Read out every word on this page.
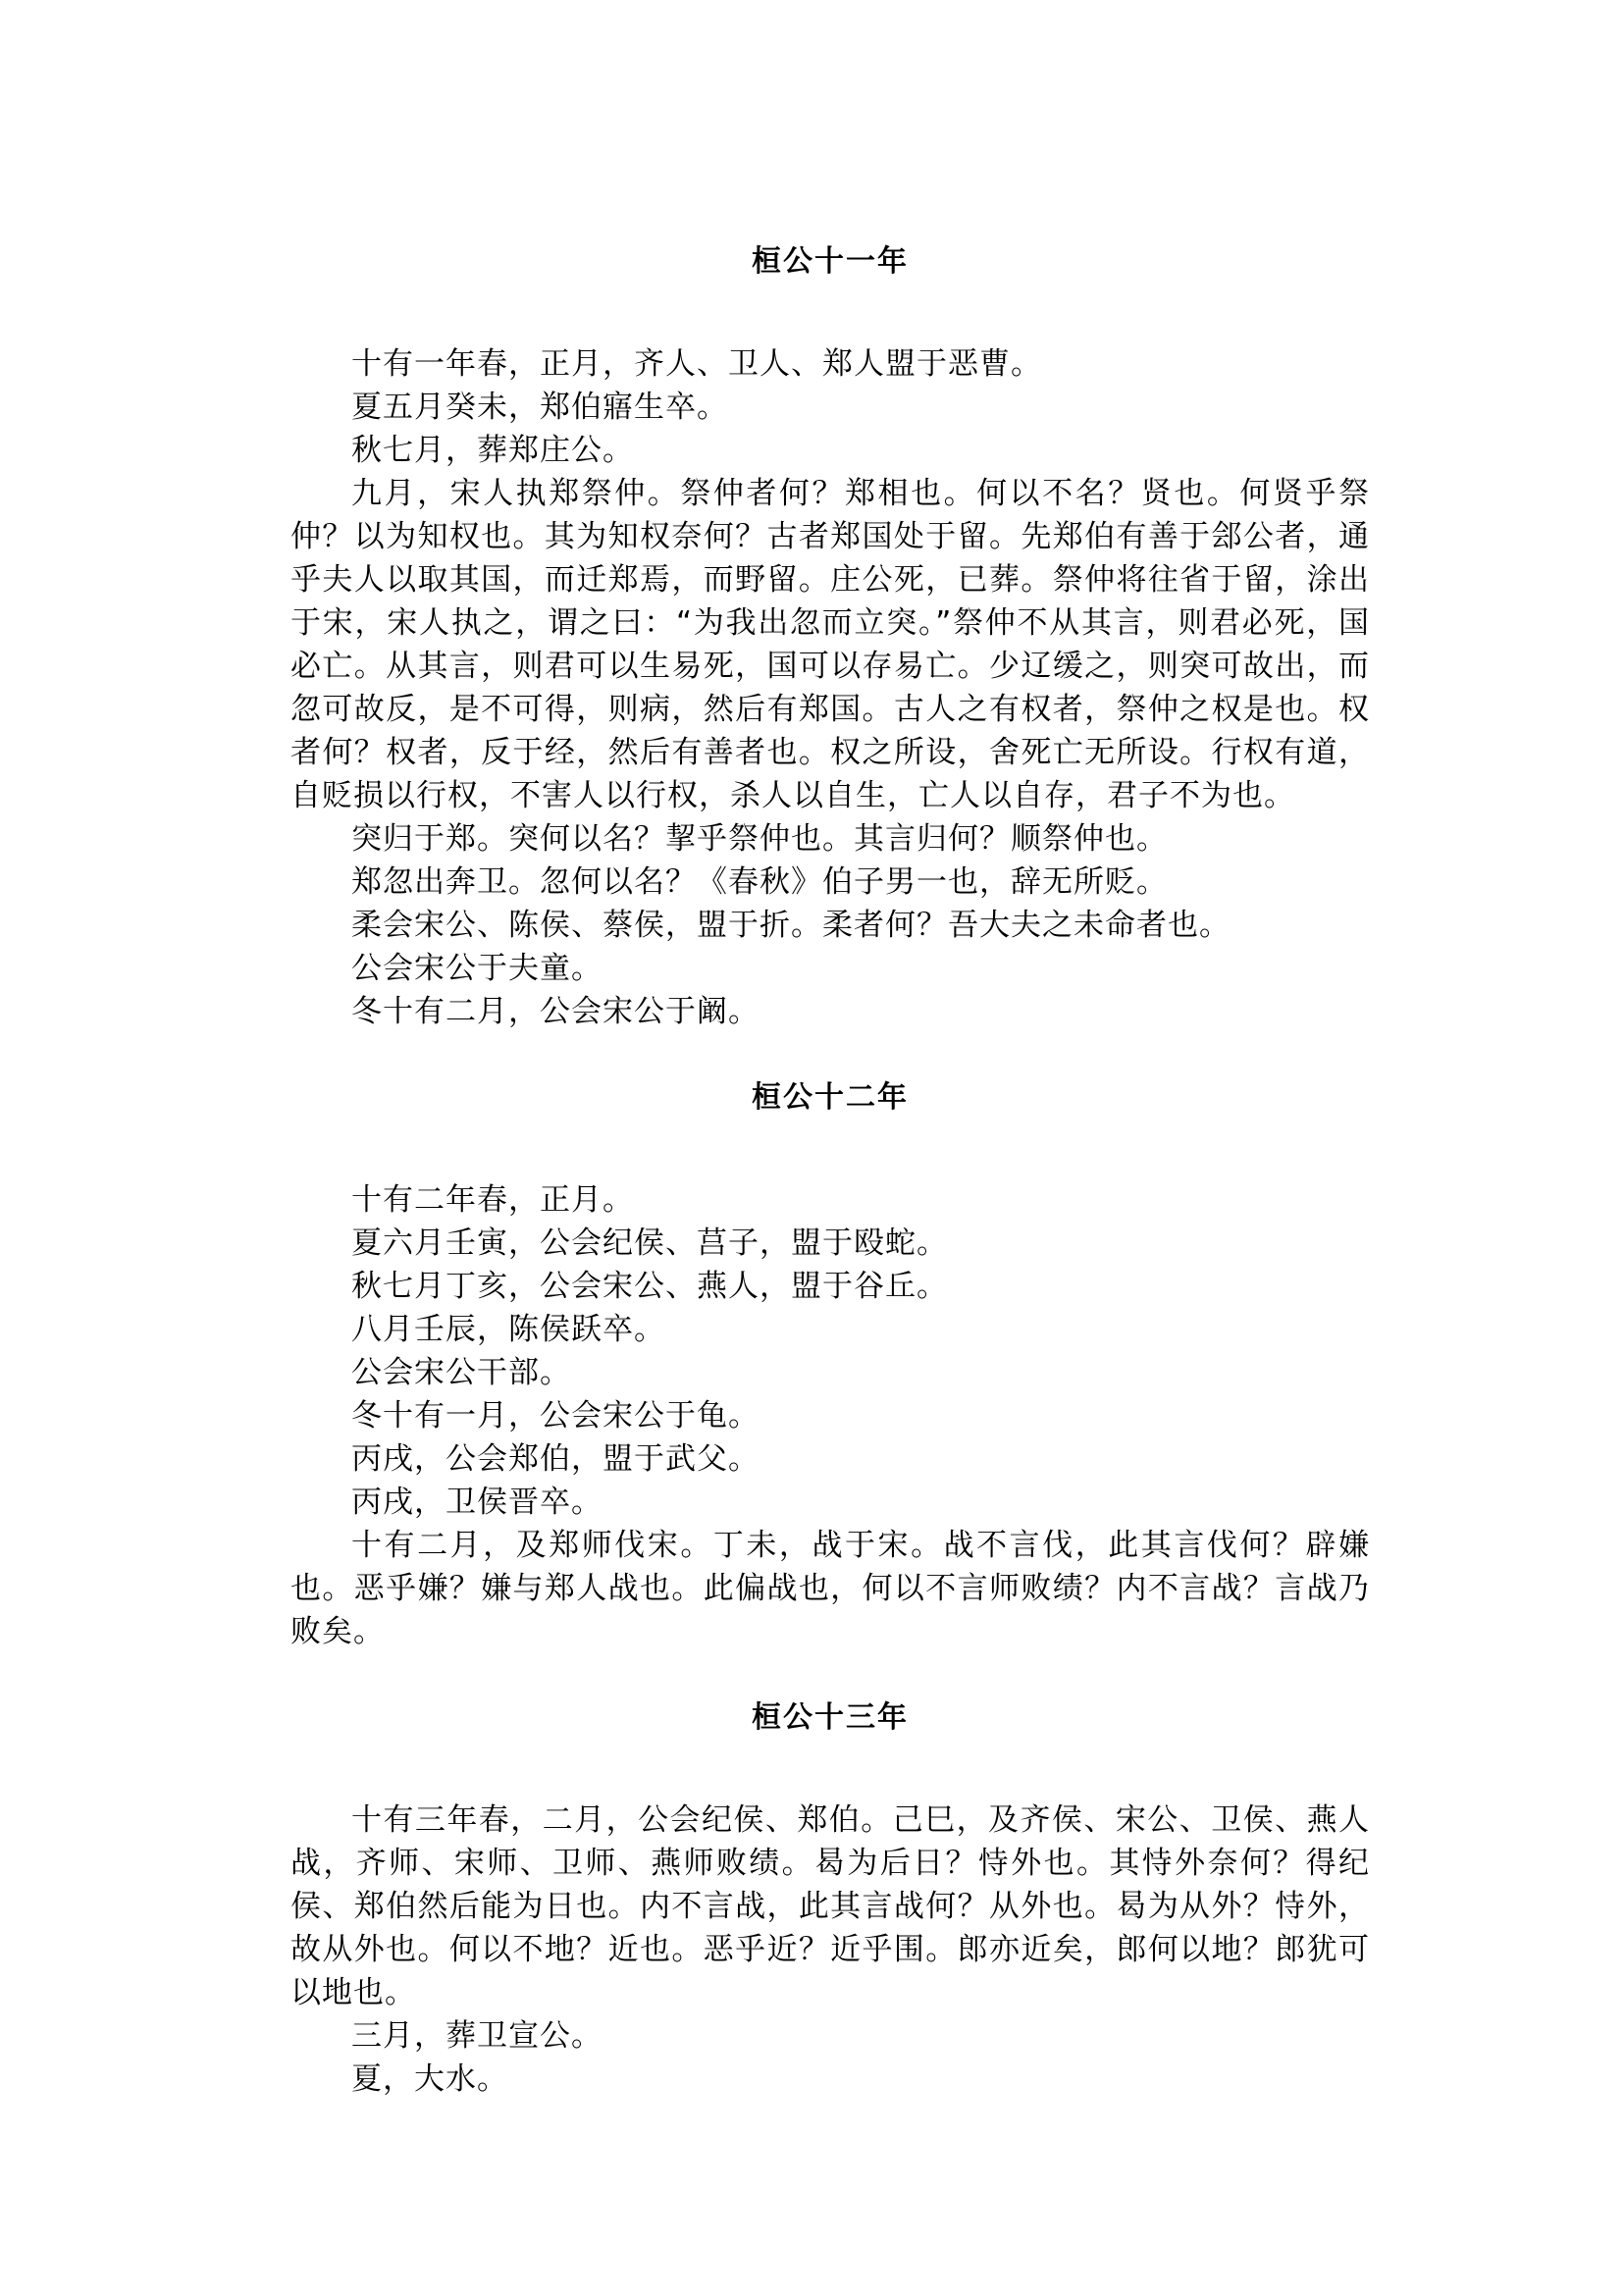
桓公十一年

十有一年春，正月，齐人、卫人、郑人盟于恶曹。

夏五月癸未，郑伯寤生卒。

秋七月，葬郑庄公。

九月，宋人执郑祭仲。祭仲者何？郑相也。何以不名？贤也。何贤乎祭仲？以为知权也。其为知权奈何？古者郑国处于留。先郑伯有善于郐公者，通乎夫人以取其国，而迁郑焉，而野留。庄公死，已葬。祭仲将往省于留，涂出于宋，宋人执之，谓之曰：“为我出忽而立突。”祭仲不从其言，则君必死，国必亡。从其言，则君可以生易死，国可以存易亡。少辽缓之，则突可故出，而忽可故反，是不可得，则病，然后有郑国。古人之有权者，祭仲之权是也。权者何？权者，反于经，然后有善者也。权之所设，舍死亡无所设。行权有道，自贬损以行权，不害人以行权，杀人以自生，亡人以自存，君子不为也。

突归于郑。突何以名？挈乎祭仲也。其言归何？顺祭仲也。

郑忽出奔卫。忽何以名？《春秋》伯子男一也，辞无所贬。

柔会宋公、陈侯、蔡侯，盟于折。柔者何？吾大夫之未命者也。

公会宋公于夫童。

冬十有二月，公会宋公于阚。

桓公十二年

十有二年春，正月。

夏六月壬寅，公会纪侯、莒子，盟于殴蛇。

秋七月丁亥，公会宋公、燕人，盟于谷丘。

八月壬辰，陈侯跃卒。

公会宋公干部。

冬十有一月，公会宋公于龟。

丙戌，公会郑伯，盟于武父。

丙戌，卫侯晋卒。

十有二月，及郑师伐宋。丁未，战于宋。战不言伐，此其言伐何？辟嫌也。恶乎嫌？嫌与郑人战也。此偏战也，何以不言师败绩？内不言战？言战乃败矣。

桓公十三年

十有三年春，二月，公会纪侯、郑伯。己巳，及齐侯、宋公、卫侯、燕人战，齐师、宋师、卫师、燕师败绩。曷为后日？恃外也。其恃外奈何？得纪侯、郑伯然后能为日也。内不言战，此其言战何？从外也。曷为从外？恃外，故从外也。何以不地？近也。恶乎近？近乎围。郎亦近矣，郎何以地？郎犹可以地也。

三月，葬卫宣公。

夏，大水。
